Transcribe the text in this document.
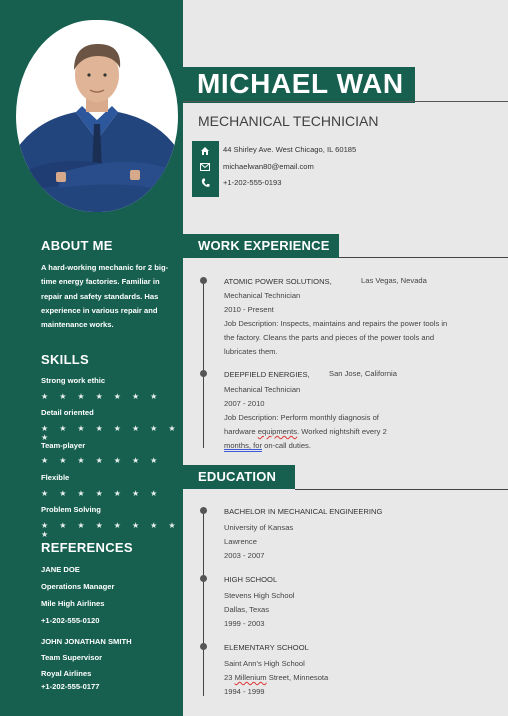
ABOUT ME
A hard-working mechanic for 2 big-time energy factories. Familiar in repair and safety standards. Has experience in various repair and maintenance works.
SKILLS
Strong work ethic
★ ★ ★ ★ ★ ★ ★
Detail oriented
★ ★ ★ ★ ★ ★ ★ ★ ★
Team-player
★ ★ ★ ★ ★ ★ ★
Flexible
★ ★ ★ ★ ★ ★ ★
Problem Solving
★ ★ ★ ★ ★ ★ ★ ★ ★
REFERENCES
JANE DOE
Operations Manager
Mile High Airlines
+1-202-555-0120
JOHN JONATHAN SMITH
Team Supervisor
Royal Airlines
+1-202-555-0177
MICHAEL WAN
MECHANICAL TECHNICIAN
44 Shirley Ave. West Chicago, IL 60185
michaelwan80@email.com
+1-202-555-0193
WORK EXPERIENCE
ATOMIC POWER SOLUTIONS,	Las Vegas, Nevada
Mechanical Technician
2010 - Present
Job Description: Inspects, maintains and repairs the power tools in the factory. Cleans the parts and pieces of the power tools and lubricates them.
DEEPFIELD ENERGIES,	San Jose, California
Mechanical Technician
2007 - 2010
Job Description: Perform monthly diagnosis of
hardware equipments. Worked nightshift every 2
months, for on-call duties.
EDUCATION
BACHELOR IN MECHANICAL ENGINEERING
University of Kansas
Lawrence
2003 - 2007
HIGH SCHOOL
Stevens High School
Dallas, Texas
1999 - 2003
ELEMENTARY SCHOOL
Saint Ann's High School
23 Millenium Street, Minnesota
1994 - 1999
